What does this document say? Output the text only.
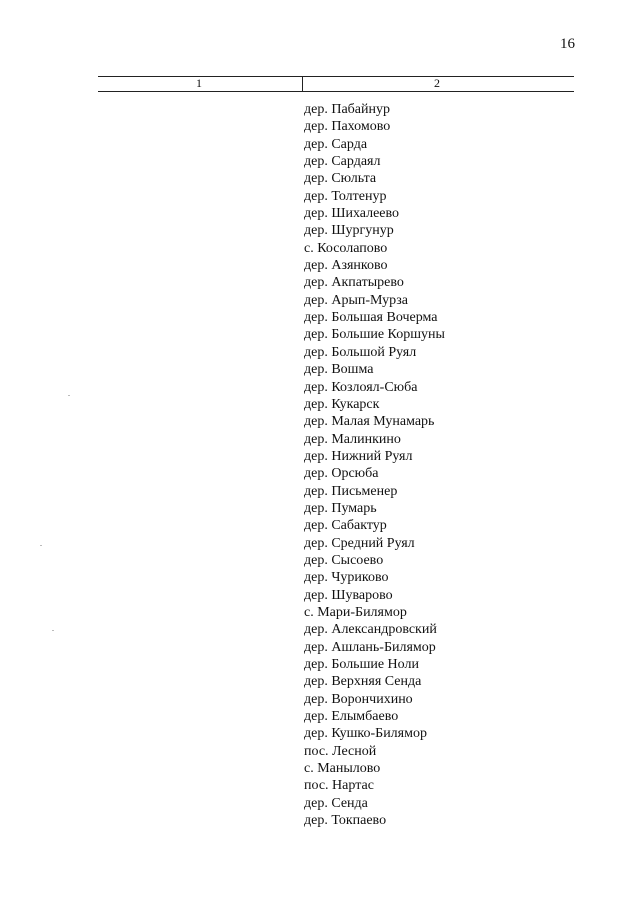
16
1	2
дер. Пабайнур
дер. Пахомово
дер. Сарда
дер. Сардаял
дер. Сюльта
дер. Толтенур
дер. Шихалеево
дер. Шургунур
с. Косолапово
дер. Азянково
дер. Акпатырево
дер. Арып-Мурза
дер. Большая Вочерма
дер. Большие Коршуны
дер. Большой Руял
дер. Вошма
дер. Козлоял-Сюба
дер. Кукарск
дер. Малая Мунамарь
дер. Малинкино
дер. Нижний Руял
дер. Орсюба
дер. Письменер
дер. Пумарь
дер. Сабактур
дер. Средний Руял
дер. Сысоево
дер. Чуриково
дер. Шуварово
с. Мари-Билямор
дер. Александровский
дер. Ашлань-Билямор
дер. Большие Ноли
дер. Верхняя Сенда
дер. Ворончихино
дер. Елымбаево
дер. Кушко-Билямор
пос. Лесной
с. Манылово
пос. Нартас
дер. Сенда
дер. Токпаево
